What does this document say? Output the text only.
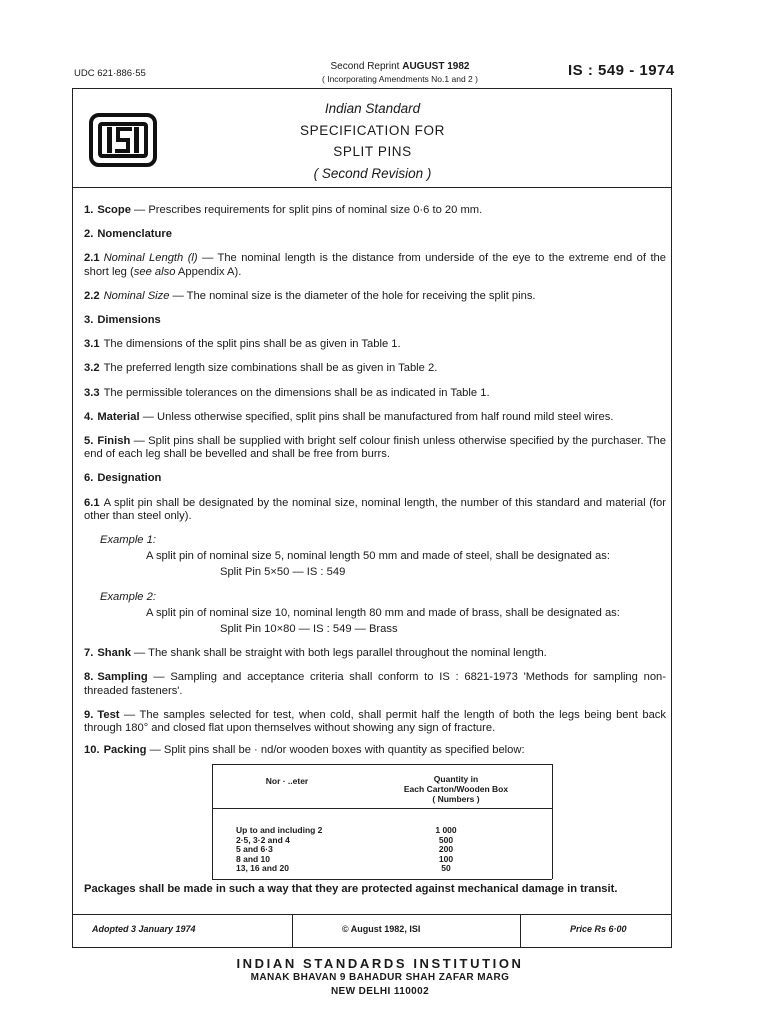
UDC 621·886·55
Second Reprint AUGUST 1982
( Incorporating Amendments No.1 and 2 )	IS : 549 - 1974
Indian Standard
SPECIFICATION FOR
SPLIT PINS
( Second Revision )

1. Scope — Prescribes requirements for split pins of nominal size 0·6 to 20 mm.

2. Nomenclature

2.1 Nominal Length (l) — The nominal length is the distance from underside of the eye to the extreme end of the short leg (see also Appendix A).

2.2 Nominal Size — The nominal size is the diameter of the hole for receiving the split pins.

3. Dimensions

3.1 The dimensions of the split pins shall be as given in Table 1.

3.2 The preferred length size combinations shall be as given in Table 2.

3.3 The permissible tolerances on the dimensions shall be as indicated in Table 1.

4. Material — Unless otherwise specified, split pins shall be manufactured from half round mild steel wires.

5. Finish — Split pins shall be supplied with bright self colour finish unless otherwise specified by the purchaser. The end of each leg shall be bevelled and shall be free from burrs.

6. Designation

6.1 A split pin shall be designated by the nominal size, nominal length, the number of this standard and material (for other than steel only).

Example 1:
A split pin of nominal size 5, nominal length 50 mm and made of steel, shall be designated as:
Split Pin 5×50 — IS : 549
Example 2:
A split pin of nominal size 10, nominal length 80 mm and made of brass, shall be designated as:
Split Pin 10×80 — IS : 549 — Brass

7. Shank — The shank shall be straight with both legs parallel throughout the nominal length.

8. Sampling — Sampling and acceptance criteria shall conform to IS : 6821-1973 'Methods for sampling non-threaded fasteners'.

9. Test — The samples selected for test, when cold, shall permit half the length of both the legs being bent back through 180° and closed flat upon themselves without showing any sign of fracture.

10. Packing — Split pins shall be · nd/or wooden boxes with quantity as specified below:

Nor · ..eter	Quantity in
Each Carton/Wooden Box
( Numbers )
Up to and including 2	1 000
2·5, 3·2 and 4	500
5 and 6·3	200
8 and 10	100
13, 16 and 20	50
Packages shall be made in such a way that they are protected against mechanical damage in transit.
Adopted 3 January 1974	© August 1982, ISI	Price Rs 6·00
INDIAN STANDARDS INSTITUTION
MANAK BHAVAN 9 BAHADUR SHAH ZAFAR MARG
NEW DELHI 110002
